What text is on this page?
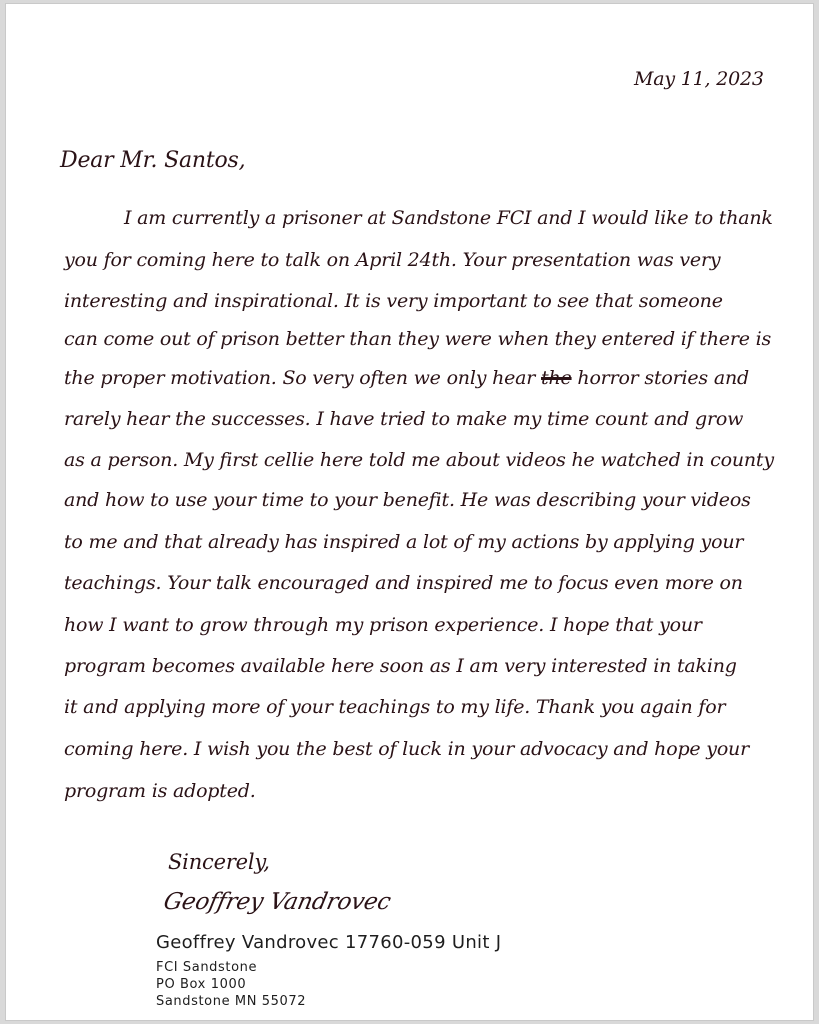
May 11, 2023
Dear Mr. Santos,
I am currently a prisoner at Sandstone FCI and I would like to thank
you for coming here to talk on April 24th. Your presentation was very
interesting and inspirational. It is very important to see that someone
can come out of prison better than they were when they entered if there is
the proper motivation. So very often we only hear the horror stories and
rarely hear the successes. I have tried to make my time count and grow
as a person. My first cellie here told me about videos he watched in county
and how to use your time to your benefit. He was describing your videos
to me and that already has inspired a lot of my actions by applying your
teachings. Your talk encouraged and inspired me to focus even more on
how I want to grow through my prison experience. I hope that your
program becomes available here soon as I am very interested in taking
it and applying more of your teachings to my life. Thank you again for
coming here. I wish you the best of luck in your advocacy and hope your
program is adopted.
Sincerely,
Geoffrey Vandrovec
Geoffrey Vandrovec 17760-059 Unit J
FCI Sandstone
PO Box 1000
Sandstone MN 55072
